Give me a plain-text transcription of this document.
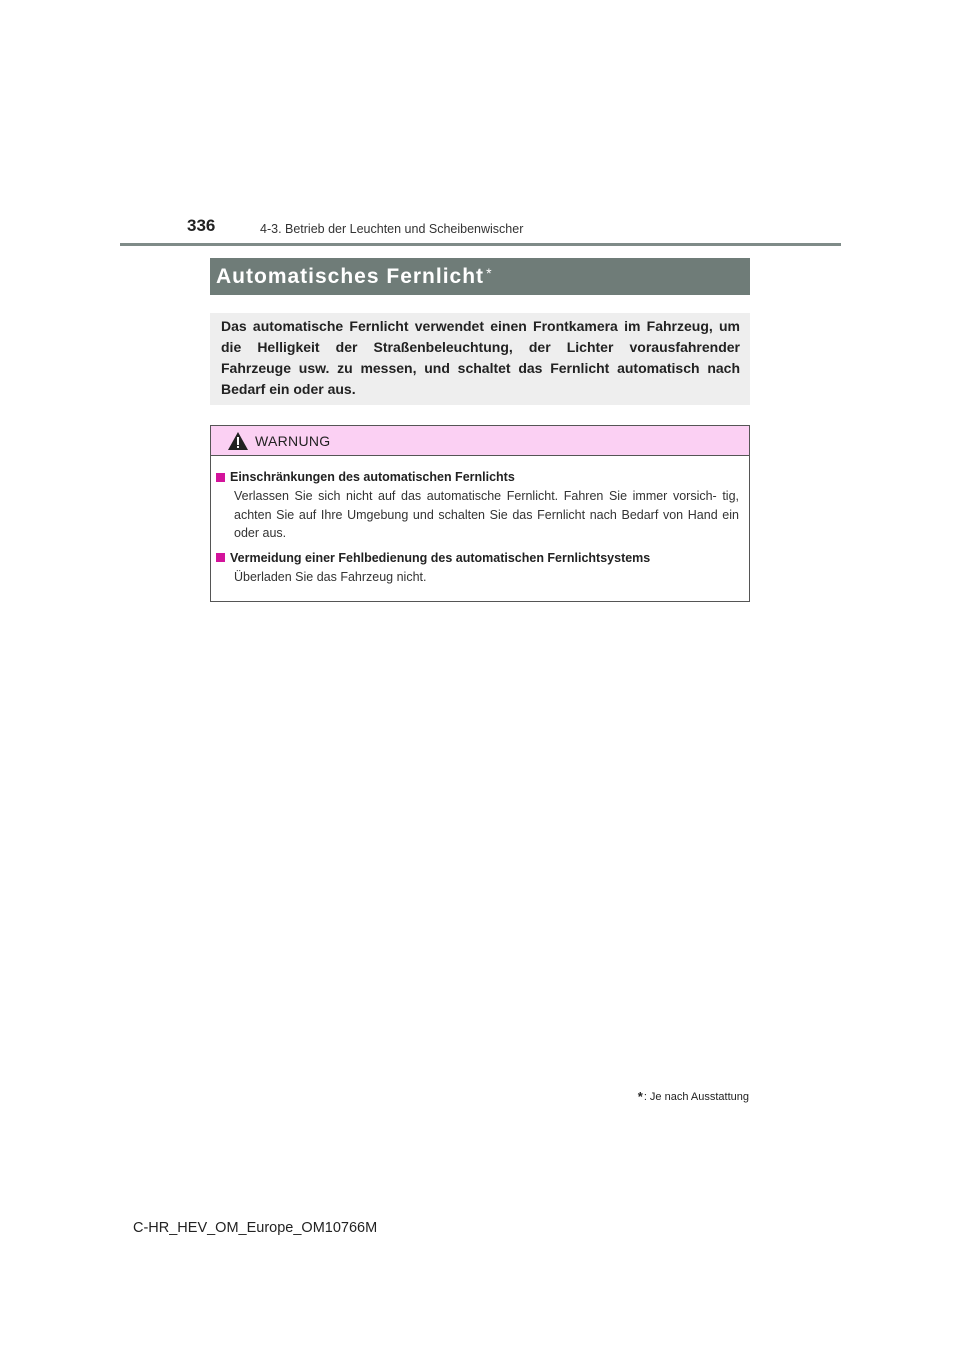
336	4-3. Betrieb der Leuchten und Scheibenwischer
Automatisches Fernlicht *

Das automatische Fernlicht verwendet einen Frontkamera im Fahrzeug, um die Helligkeit der Straßenbeleuchtung, der Lichter vorausfahrender Fahrzeuge usw. zu messen, und schaltet das Fernlicht automatisch nach Bedarf ein oder aus.

WARNUNG
Einschränkungen des automatischen Fernlichts

Verlassen Sie sich nicht auf das automatische Fernlicht. Fahren Sie immer vorsich- tig, achten Sie auf Ihre Umgebung und schalten Sie das Fernlicht nach Bedarf von Hand ein oder aus.

Vermeidung einer Fehlbedienung des automatischen Fernlichtsystems

Überladen Sie das Fahrzeug nicht.

* : Je nach Ausstattung
C-HR_HEV_OM_Europe_OM10766M
